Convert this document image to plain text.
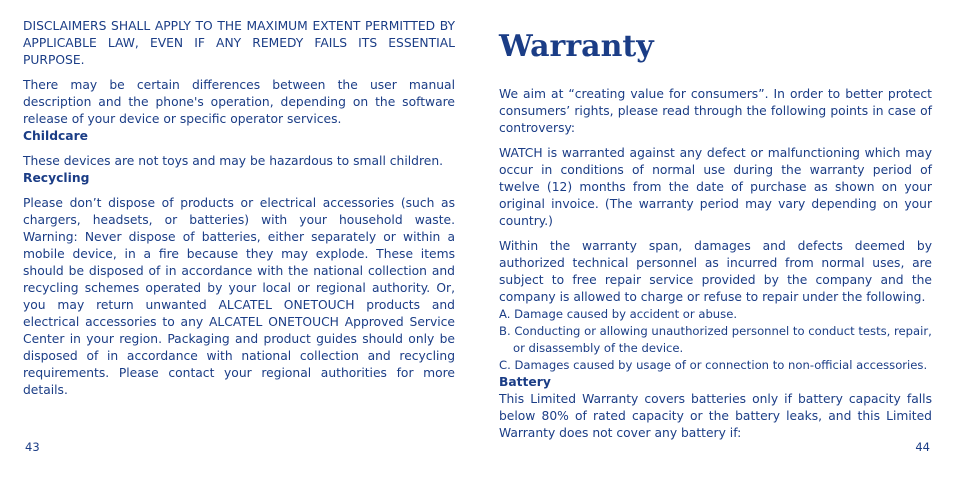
DISCLAIMERS SHALL APPLY TO THE MAXIMUM EXTENT PERMITTED BY APPLICABLE LAW, EVEN IF ANY REMEDY FAILS ITS ESSENTIAL PURPOSE.

There may be certain differences between the user manual description and the phone's operation, depending on the software release of your device or specific operator services.

Childcare

These devices are not toys and may be hazardous to small children.

Recycling

Please don’t dispose of products or electrical accessories (such as chargers, headsets, or batteries) with your household waste. Warning: Never dispose of batteries, either separately or within a mobile device, in a fire because they may explode. These items should be disposed of in accordance with the national collection and recycling schemes operated by your local or regional authority. Or, you may return unwanted ALCATEL ONETOUCH products and electrical accessories to any ALCATEL ONETOUCH Approved Service Center in your region. Packaging and product guides should only be disposed of in accordance with national collection and recycling requirements. Please contact your regional authorities for more details.

43
Warranty

We aim at “creating value for consumers”. In order to better protect consumers’ rights, please read through the following points in case of controversy:

WATCH is warranted against any defect or malfunctioning which may occur in conditions of normal use during the warranty period of twelve (12) months from the date of purchase as shown on your original invoice. (The warranty period may vary depending on your country.)

Within the warranty span, damages and defects deemed by authorized technical personnel as incurred from normal uses, are subject to free repair service provided by the company and the company is allowed to charge or refuse to repair under the following.

A. Damage caused by accident or abuse.

B. Conducting or allowing unauthorized personnel to conduct tests, repair, or disassembly of the device.

C. Damages caused by usage of or connection to non-official accessories.

Battery

This Limited Warranty covers batteries only if battery capacity falls below 80% of rated capacity or the battery leaks, and this Limited Warranty does not cover any battery if:

44
